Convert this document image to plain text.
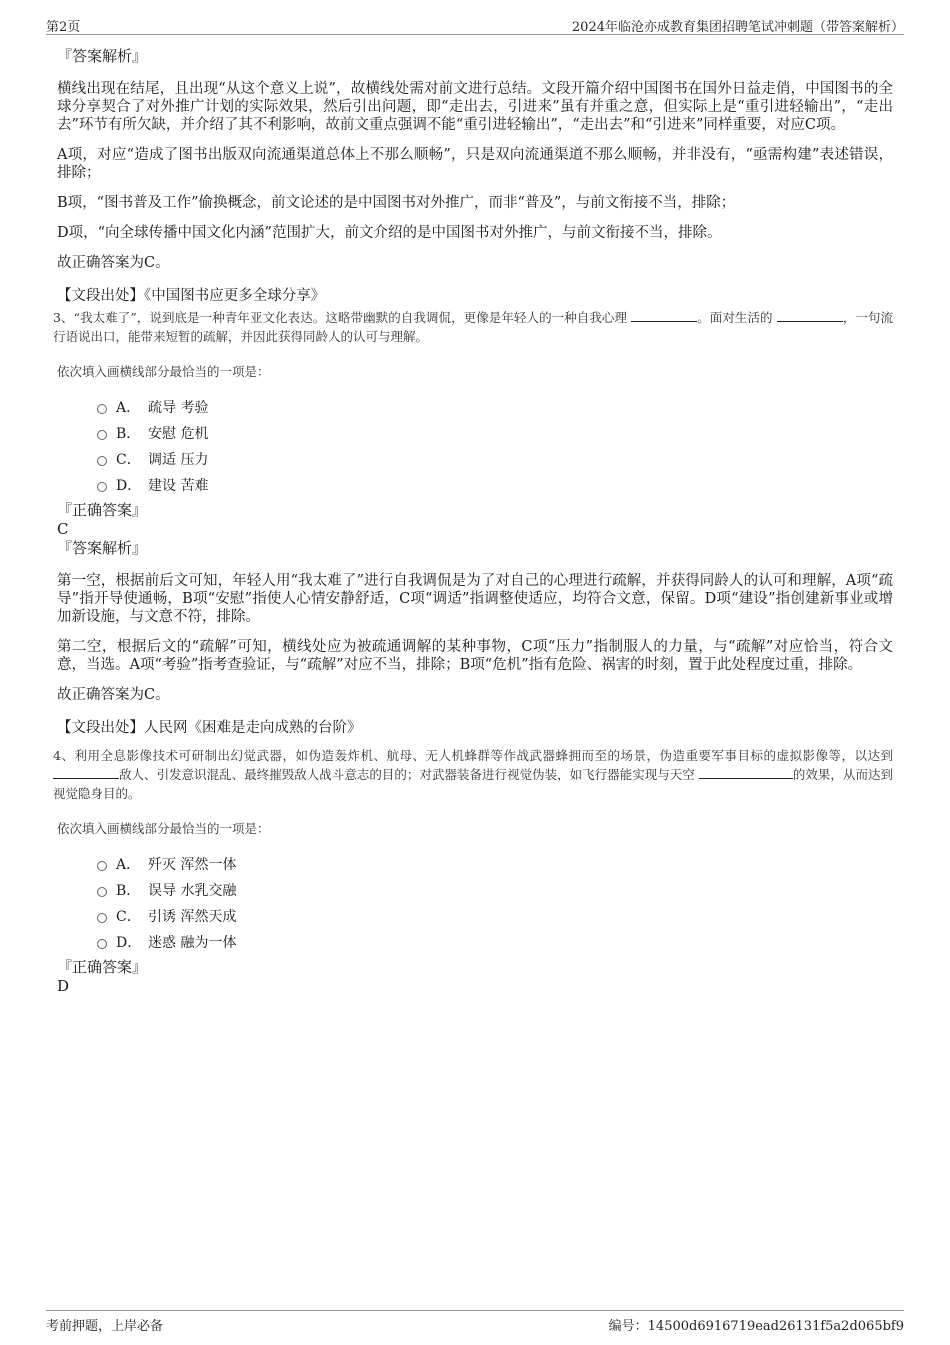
第2页	2024年临沧亦成教育集团招聘笔试冲刺题（带答案解析）

『答案解析』

横线出现在结尾，且出现“从这个意义上说”，故横线处需对前文进行总结。文段开篇介绍中国图书在国外日益走俏，中国图书的全球分享契合了对外推广计划的实际效果，然后引出问题，即“走出去，引进来”虽有并重之意，但实际上是“重引进轻输出”，“走出去”环节有所欠缺，并介绍了其不利影响，故前文重点强调不能“重引进轻输出”，“走出去”和“引进来”同样重要，对应C项。

A项，对应“造成了图书出版双向流通渠道总体上不那么顺畅”，只是双向流通渠道不那么顺畅，并非没有，“亟需构建”表述错误，排除；

B项，“图书普及工作”偷换概念，前文论述的是中国图书对外推广，而非“普及”，与前文衔接不当，排除；

D项，“向全球传播中国文化内涵”范围扩大，前文介绍的是中国图书对外推广，与前文衔接不当，排除。

故正确答案为C。

【文段出处】《中国图书应更多全球分享》

3、“我太难了”，说到底是一种青年亚文化表达。这略带幽默的自我调侃，更像是年轻人的一种自我心理	。面对生活的	，一句流行语说出口，能带来短暂的疏解，并因此获得同龄人的认可与理解。

依次填入画横线部分最恰当的一项是：

A． 疏导 考验
B． 安慰 危机
C． 调适 压力
D． 建设 苦难

『正确答案』

C

『答案解析』

第一空，根据前后文可知，年轻人用“我太难了”进行自我调侃是为了对自己的心理进行疏解，并获得同龄人的认可和理解，A项“疏导”指开导使通畅，B项“安慰”指使人心情安静舒适，C项“调适”指调整使适应，均符合文意，保留。D项“建设”指创建新事业或增加新设施，与文意不符，排除。

第二空，根据后文的“疏解”可知，横线处应为被疏通调解的某种事物，C项“压力”指制服人的力量，与“疏解”对应恰当，符合文意，当选。A项“考验”指考查验证，与“疏解”对应不当，排除；B项“危机”指有危险、祸害的时刻，置于此处程度过重，排除。

故正确答案为C。

【文段出处】人民网《困难是走向成熟的台阶》

4、利用全息影像技术可研制出幻觉武器，如伪造轰炸机、航母、无人机蜂群等作战武器蜂拥而至的场景，伪造重要军事目标的虚拟影像等，以达到 敌人、引发意识混乱、最终摧毁敌人战斗意志的目的；对武器装备进行视觉伪装，如飞行器能实现与天空	的效果，从而达到视觉隐身目的。

依次填入画横线部分最恰当的一项是：

A． 歼灭 浑然一体
B． 误导 水乳交融
C． 引诱 浑然天成
D． 迷惑 融为一体

『正确答案』

D

考前押题，上岸必备	编号：14500d6916719ead26131f5a2d065bf9
